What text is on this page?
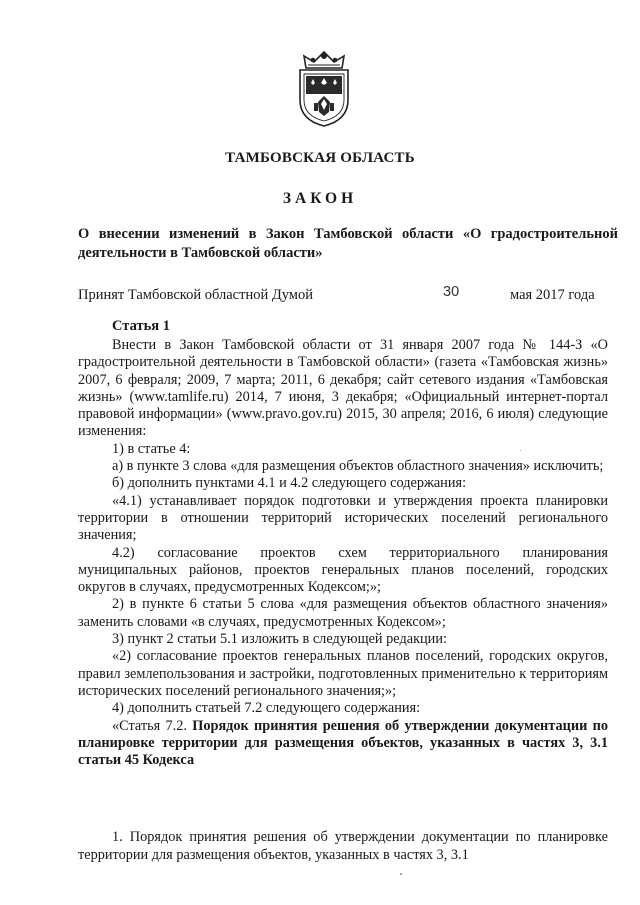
ТАМБОВСКАЯ ОБЛАСТЬ
ЗАКОН
О внесении изменений в Закон Тамбовской области «О градостроительной деятельности в Тамбовской области»
Принят Тамбовской областной Думой	30	мая 2017 года
Статья 1

Внести в Закон Тамбовской области от 31 января 2007 года № 144-З «О градостроительной деятельности в Тамбовской области» (газета «Тамбовская жизнь» 2007, 6 февраля; 2009, 7 марта; 2011, 6 декабря; сайт сетевого издания «Тамбовская жизнь» (www.tamlife.ru) 2014, 7 июня, 3 декабря; «Официальный интернет-портал правовой информации» (www.pravo.gov.ru) 2015, 30 апреля; 2016, 6 июля) следующие изменения:

1) в статье 4:

а) в пункте 3 слова «для размещения объектов областного значения» исключить;

б) дополнить пунктами 4.1 и 4.2 следующего содержания:

«4.1) устанавливает порядок подготовки и утверждения проекта планировки территории в отношении территорий исторических поселений регионального значения;

4.2) согласование проектов схем территориального планирования муниципальных районов, проектов генеральных планов поселений, городских округов в случаях, предусмотренных Кодексом;»;

2) в пункте 6 статьи 5 слова «для размещения объектов областного значения» заменить словами «в случаях, предусмотренных Кодексом»;

3) пункт 2 статьи 5.1 изложить в следующей редакции:

«2) согласование проектов генеральных планов поселений, городских округов, правил землепользования и застройки, подготовленных применительно к территориям исторических поселений регионального значения;»;

4) дополнить статьей 7.2 следующего содержания:

«Статья 7.2. Порядок принятия решения об утверждении документации по планировке территории для размещения объектов, указанных в частях 3, 3.1 статьи 45 Кодекса

1. Порядок принятия решения об утверждении документации по планировке территории для размещения объектов, указанных в частях 3, 3.1
